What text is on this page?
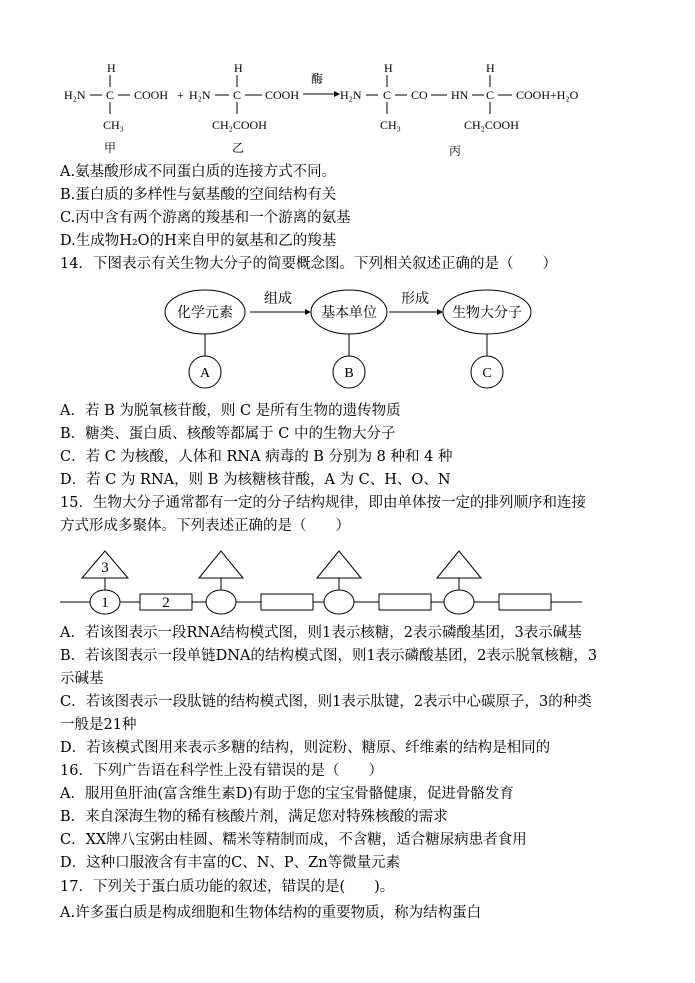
H
H₂N C COOH
CH₃
甲
+
H
H₂N C COOH
CH₂COOH
乙
酶
H₂N
H
C CO HN
H
C COOH+H₂O
CH₃	CH₂COOH
丙
A.氨基酸形成不同蛋白质的连接方式不同。
B.蛋白质的多样性与氨基酸的空间结构有关
C.丙中含有两个游离的羧基和一个游离的氨基
D.生成物H₂O的H来自甲的氨基和乙的羧基
14．下图表示有关生物大分子的简要概念图。下列相关叙述正确的是（　　）
化学元素	基本单位	生物大分子
组成	形成
A	B	C
A．若 B 为脱氧核苷酸，则 C 是所有生物的遗传物质
B．糖类、蛋白质、核酸等都属于 C 中的生物大分子
C．若 C 为核酸，人体和 RNA 病毒的 B 分别为 8 种和 4 种
D．若 C 为 RNA，则 B 为核糖核苷酸，A 为 C、H、O、N
15．生物大分子通常都有一定的分子结构规律，即由单体按一定的排列顺序和连接
方式形成多聚体。下列表述正确的是（　　）
3
1	2
A．若该图表示一段RNA结构模式图，则1表示核糖，2表示磷酸基团，3表示碱基
B．若该图表示一段单链DNA的结构模式图，则1表示磷酸基团，2表示脱氧核糖，3
示碱基
C．若该图表示一段肽链的结构模式图，则1表示肽键，2表示中心碳原子，3的种类
一般是21种
D．若该模式图用来表示多糖的结构，则淀粉、糖原、纤维素的结构是相同的
16．下列广告语在科学性上没有错误的是（　　）
A．服用鱼肝油(富含维生素D)有助于您的宝宝骨骼健康，促进骨骼发育
B．来自深海生物的稀有核酸片剂，满足您对特殊核酸的需求
C．XX牌八宝粥由桂圆、糯米等精制而成，不含糖，适合糖尿病患者食用
D．这种口服液含有丰富的C、N、P、Zn等微量元素
17．下列关于蛋白质功能的叙述，错误的是(　　)。
A.许多蛋白质是构成细胞和生物体结构的重要物质，称为结构蛋白
